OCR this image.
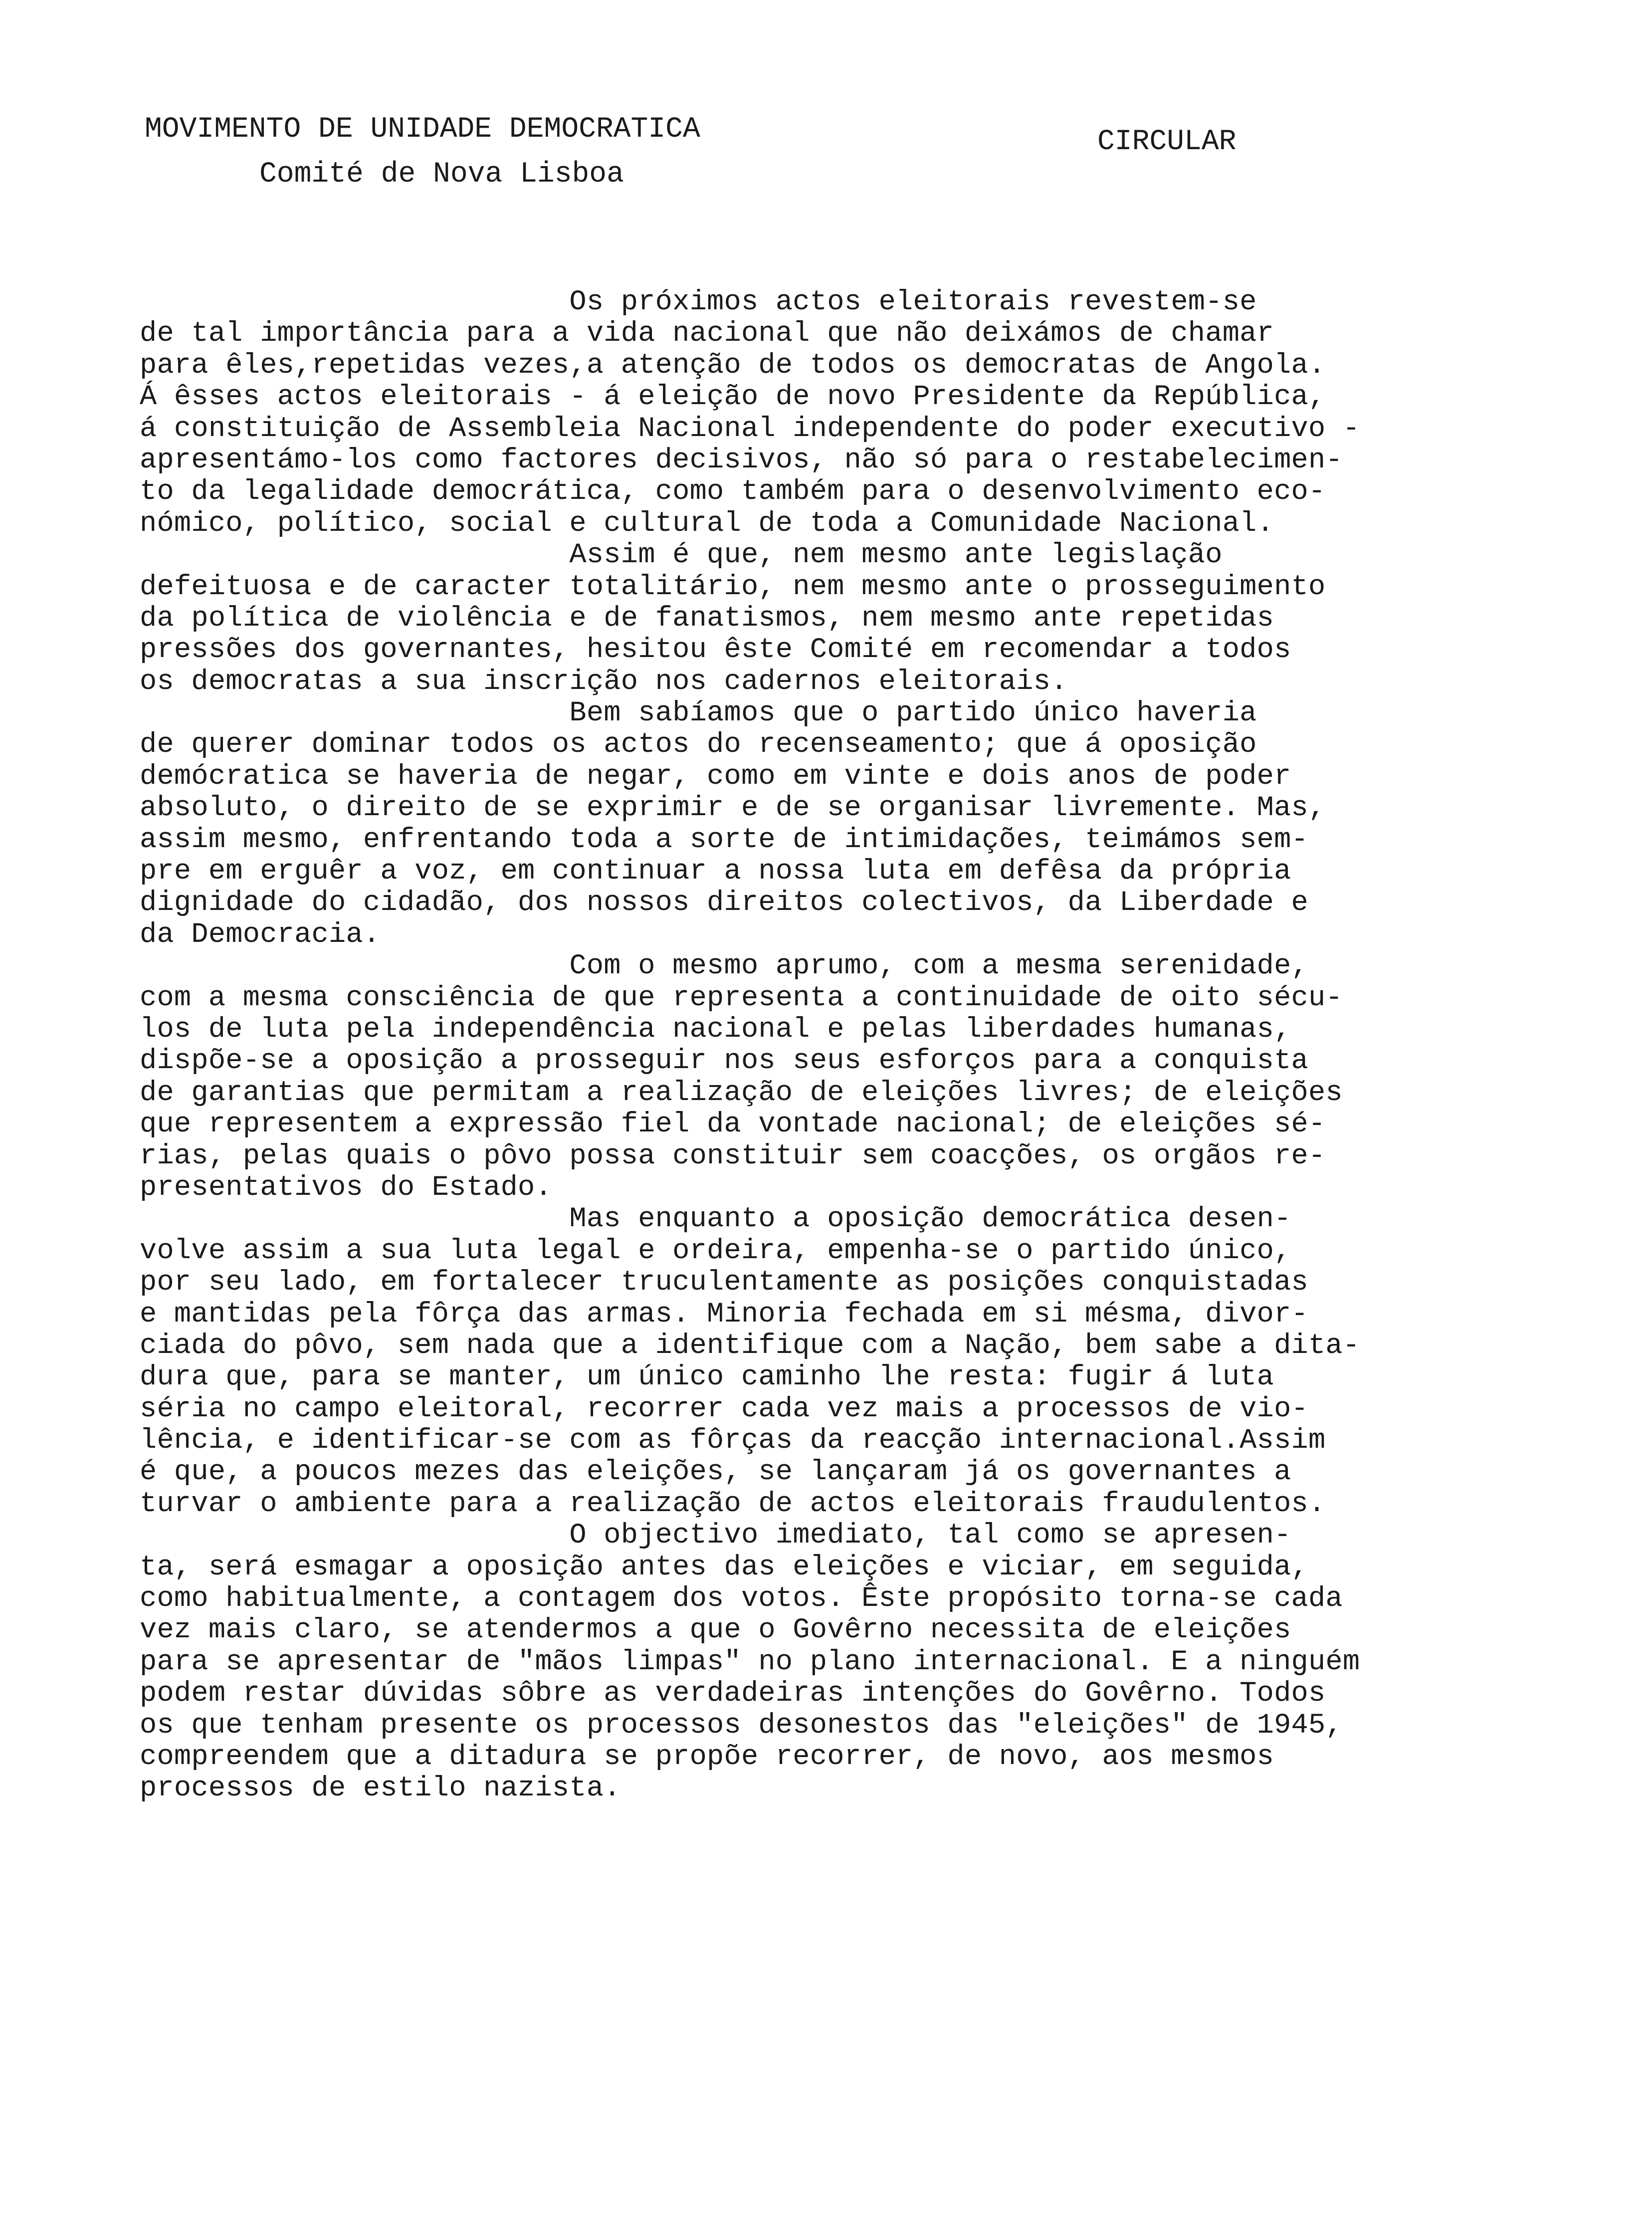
MOVIMENTO DE UNIDADE DEMOCRATICA
Comité de Nova Lisboa
CIRCULAR
Os próximos actos eleitorais revestem-se
de tal importância para a vida nacional que não deixámos de chamar
para êles,repetidas vezes,a atenção de todos os democratas de Angola.
Á êsses actos eleitorais - á eleição de novo Presidente da República,
á constituição de Assembleia Nacional independente do poder executivo -
apresentámo-los como factores decisivos, não só para o restabelecimen-
to da legalidade democrática, como também para o desenvolvimento eco-
nómico, político, social e cultural de toda a Comunidade Nacional.
Assim é que, nem mesmo ante legislação
defeituosa e de caracter totalitário, nem mesmo ante o prosseguimento
da política de violência e de fanatismos, nem mesmo ante repetidas
pressões dos governantes, hesitou êste Comité em recomendar a todos
os democratas a sua inscrição nos cadernos eleitorais.
Bem sabíamos que o partido único haveria
de querer dominar todos os actos do recenseamento; que á oposição
demócratica se haveria de negar, como em vinte e dois anos de poder
absoluto, o direito de se exprimir e de se organisar livremente. Mas,
assim mesmo, enfrentando toda a sorte de intimidações, teimámos sem-
pre em erguêr a voz, em continuar a nossa luta em defêsa da própria
dignidade do cidadão, dos nossos direitos colectivos, da Liberdade e
da Democracia.
Com o mesmo aprumo, com a mesma serenidade,
com a mesma consciência de que representa a continuidade de oito sécu-
los de luta pela independência nacional e pelas liberdades humanas,
dispõe-se a oposição a prosseguir nos seus esforços para a conquista
de garantias que permitam a realização de eleições livres; de eleições
que representem a expressão fiel da vontade nacional; de eleições sé-
rias, pelas quais o pôvo possa constituir sem coacções, os orgãos re-
presentativos do Estado.
Mas enquanto a oposição democrática desen-
volve assim a sua luta legal e ordeira, empenha-se o partido único,
por seu lado, em fortalecer truculentamente as posições conquistadas
e mantidas pela fôrça das armas. Minoria fechada em si mésma, divor-
ciada do pôvo, sem nada que a identifique com a Nação, bem sabe a dita-
dura que, para se manter, um único caminho lhe resta: fugir á luta
séria no campo eleitoral, recorrer cada vez mais a processos de vio-
lência, e identificar-se com as fôrças da reacção internacional.Assim
é que, a poucos mezes das eleições, se lançaram já os governantes a
turvar o ambiente para a realização de actos eleitorais fraudulentos.
O objectivo imediato, tal como se apresen-
ta, será esmagar a oposição antes das eleições e viciar, em seguida,
como habitualmente, a contagem dos votos. Êste propósito torna-se cada
vez mais claro, se atendermos a que o Govêrno necessita de eleições
para se apresentar de "mãos limpas" no plano internacional. E a ninguém
podem restar dúvidas sôbre as verdadeiras intenções do Govêrno. Todos
os que tenham presente os processos desonestos das "eleições" de 1945,
compreendem que a ditadura se propõe recorrer, de novo, aos mesmos
processos de estilo nazista.
